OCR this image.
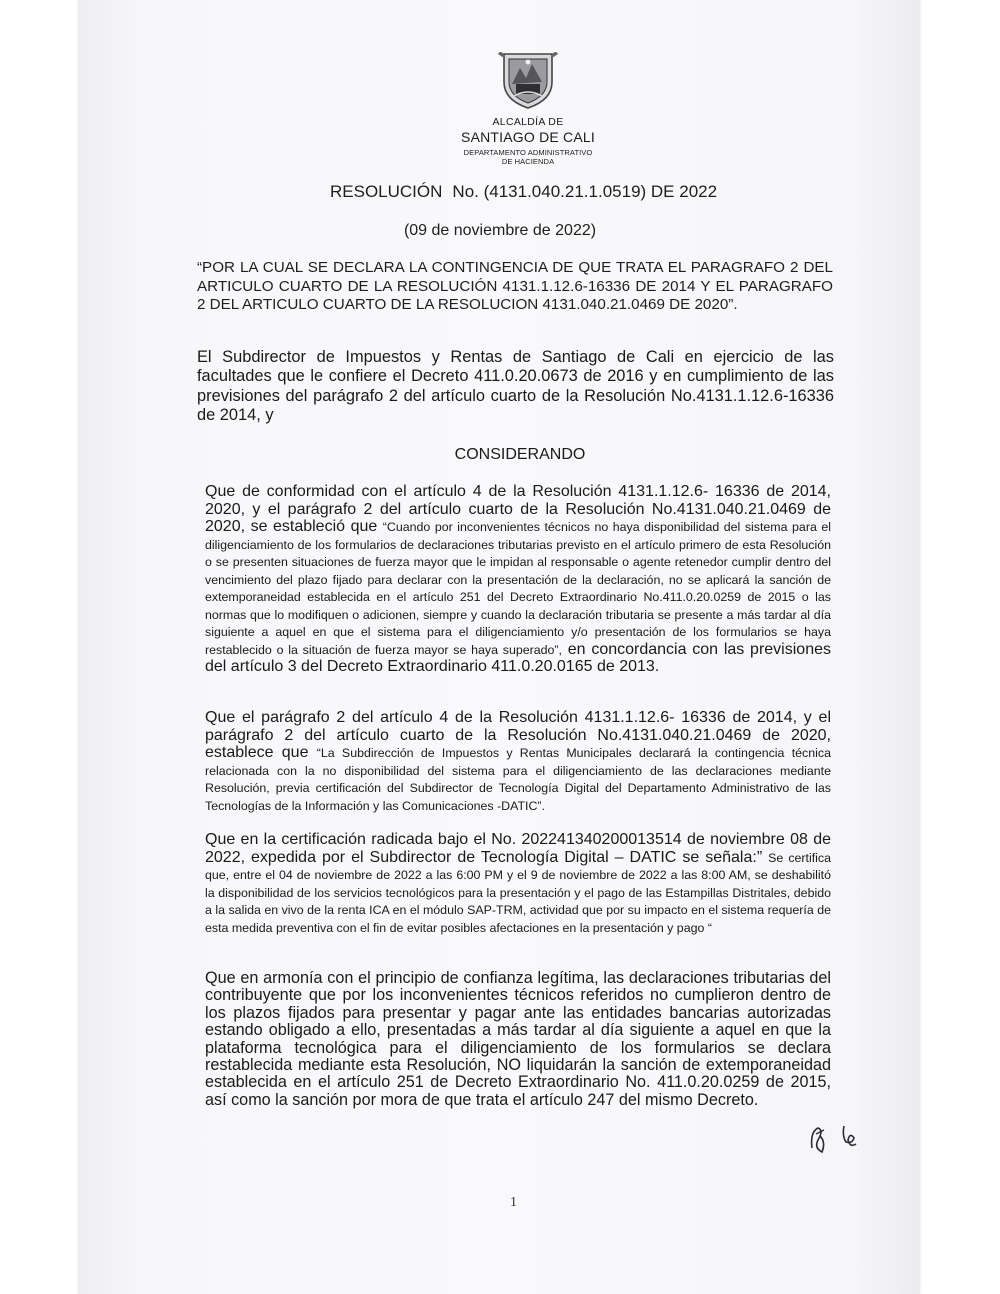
ALCALDÍA DE
SANTIAGO DE CALI
DEPARTAMENTO ADMINISTRATIVO
DE HACIENDA
RESOLUCIÓN No. (4131.040.21.1.0519) DE 2022
(09 de noviembre de 2022)
“POR LA CUAL SE DECLARA LA CONTINGENCIA DE QUE TRATA EL PARAGRAFO 2 DEL ARTICULO CUARTO DE LA RESOLUCIÓN 4131.1.12.6-16336 DE 2014 Y EL PARAGRAFO 2 DEL ARTICULO CUARTO DE LA RESOLUCION 4131.040.21.0469 DE 2020”.
El Subdirector de Impuestos y Rentas de Santiago de Cali en ejercicio de las facultades que le confiere el Decreto 411.0.20.0673 de 2016 y en cumplimiento de las previsiones del parágrafo 2 del artículo cuarto de la Resolución No.4131.1.12.6-16336 de 2014, y
CONSIDERANDO
Que de conformidad con el artículo 4 de la Resolución 4131.1.12.6- 16336 de 2014, 2020, y el parágrafo 2 del artículo cuarto de la Resolución No.4131.040.21.0469 de 2020, se estableció que “Cuando por inconvenientes técnicos no haya disponibilidad del sistema para el diligenciamiento de los formularios de declaraciones tributarias previsto en el artículo primero de esta Resolución o se presenten situaciones de fuerza mayor que le impidan al responsable o agente retenedor cumplir dentro del vencimiento del plazo fijado para declarar con la presentación de la declaración, no se aplicará la sanción de extemporaneidad establecida en el artículo 251 del Decreto Extraordinario No.411.0.20.0259 de 2015 o las normas que lo modifiquen o adicionen, siempre y cuando la declaración tributaria se presente a más tardar al día siguiente a aquel en que el sistema para el diligenciamiento y/o presentación de los formularios se haya restablecido o la situación de fuerza mayor se haya superado”, en concordancia con las previsiones del artículo 3 del Decreto Extraordinario 411.0.20.0165 de 2013.
Que el parágrafo 2 del artículo 4 de la Resolución 4131.1.12.6- 16336 de 2014, y el parágrafo 2 del artículo cuarto de la Resolución No.4131.040.21.0469 de 2020, establece que “La Subdirección de Impuestos y Rentas Municipales declarará la contingencia técnica relacionada con la no disponibilidad del sistema para el diligenciamiento de las declaraciones mediante Resolución, previa certificación del Subdirector de Tecnología Digital del Departamento Administrativo de las Tecnologías de la Información y las Comunicaciones -DATIC”.
Que en la certificación radicada bajo el No. 202241340200013514 de noviembre 08 de 2022, expedida por el Subdirector de Tecnología Digital – DATIC se señala:” Se certifica que, entre el 04 de noviembre de 2022 a las 6:00 PM y el 9 de noviembre de 2022 a las 8:00 AM, se deshabilitó la disponibilidad de los servicios tecnológicos para la presentación y el pago de las Estampillas Distritales, debido a la salida en vivo de la renta ICA en el módulo SAP-TRM, actividad que por su impacto en el sistema requería de esta medida preventiva con el fin de evitar posibles afectaciones en la presentación y pago “
Que en armonía con el principio de confianza legítima, las declaraciones tributarias del contribuyente que por los inconvenientes técnicos referidos no cumplieron dentro de los plazos fijados para presentar y pagar ante las entidades bancarias autorizadas estando obligado a ello, presentadas a más tardar al día siguiente a aquel en que la plataforma tecnológica para el diligenciamiento de los formularios se declara restablecida mediante esta Resolución, NO liquidarán la sanción de extemporaneidad establecida en el artículo 251 de Decreto Extraordinario No. 411.0.20.0259 de 2015, así como la sanción por mora de que trata el artículo 247 del mismo Decreto.
1
